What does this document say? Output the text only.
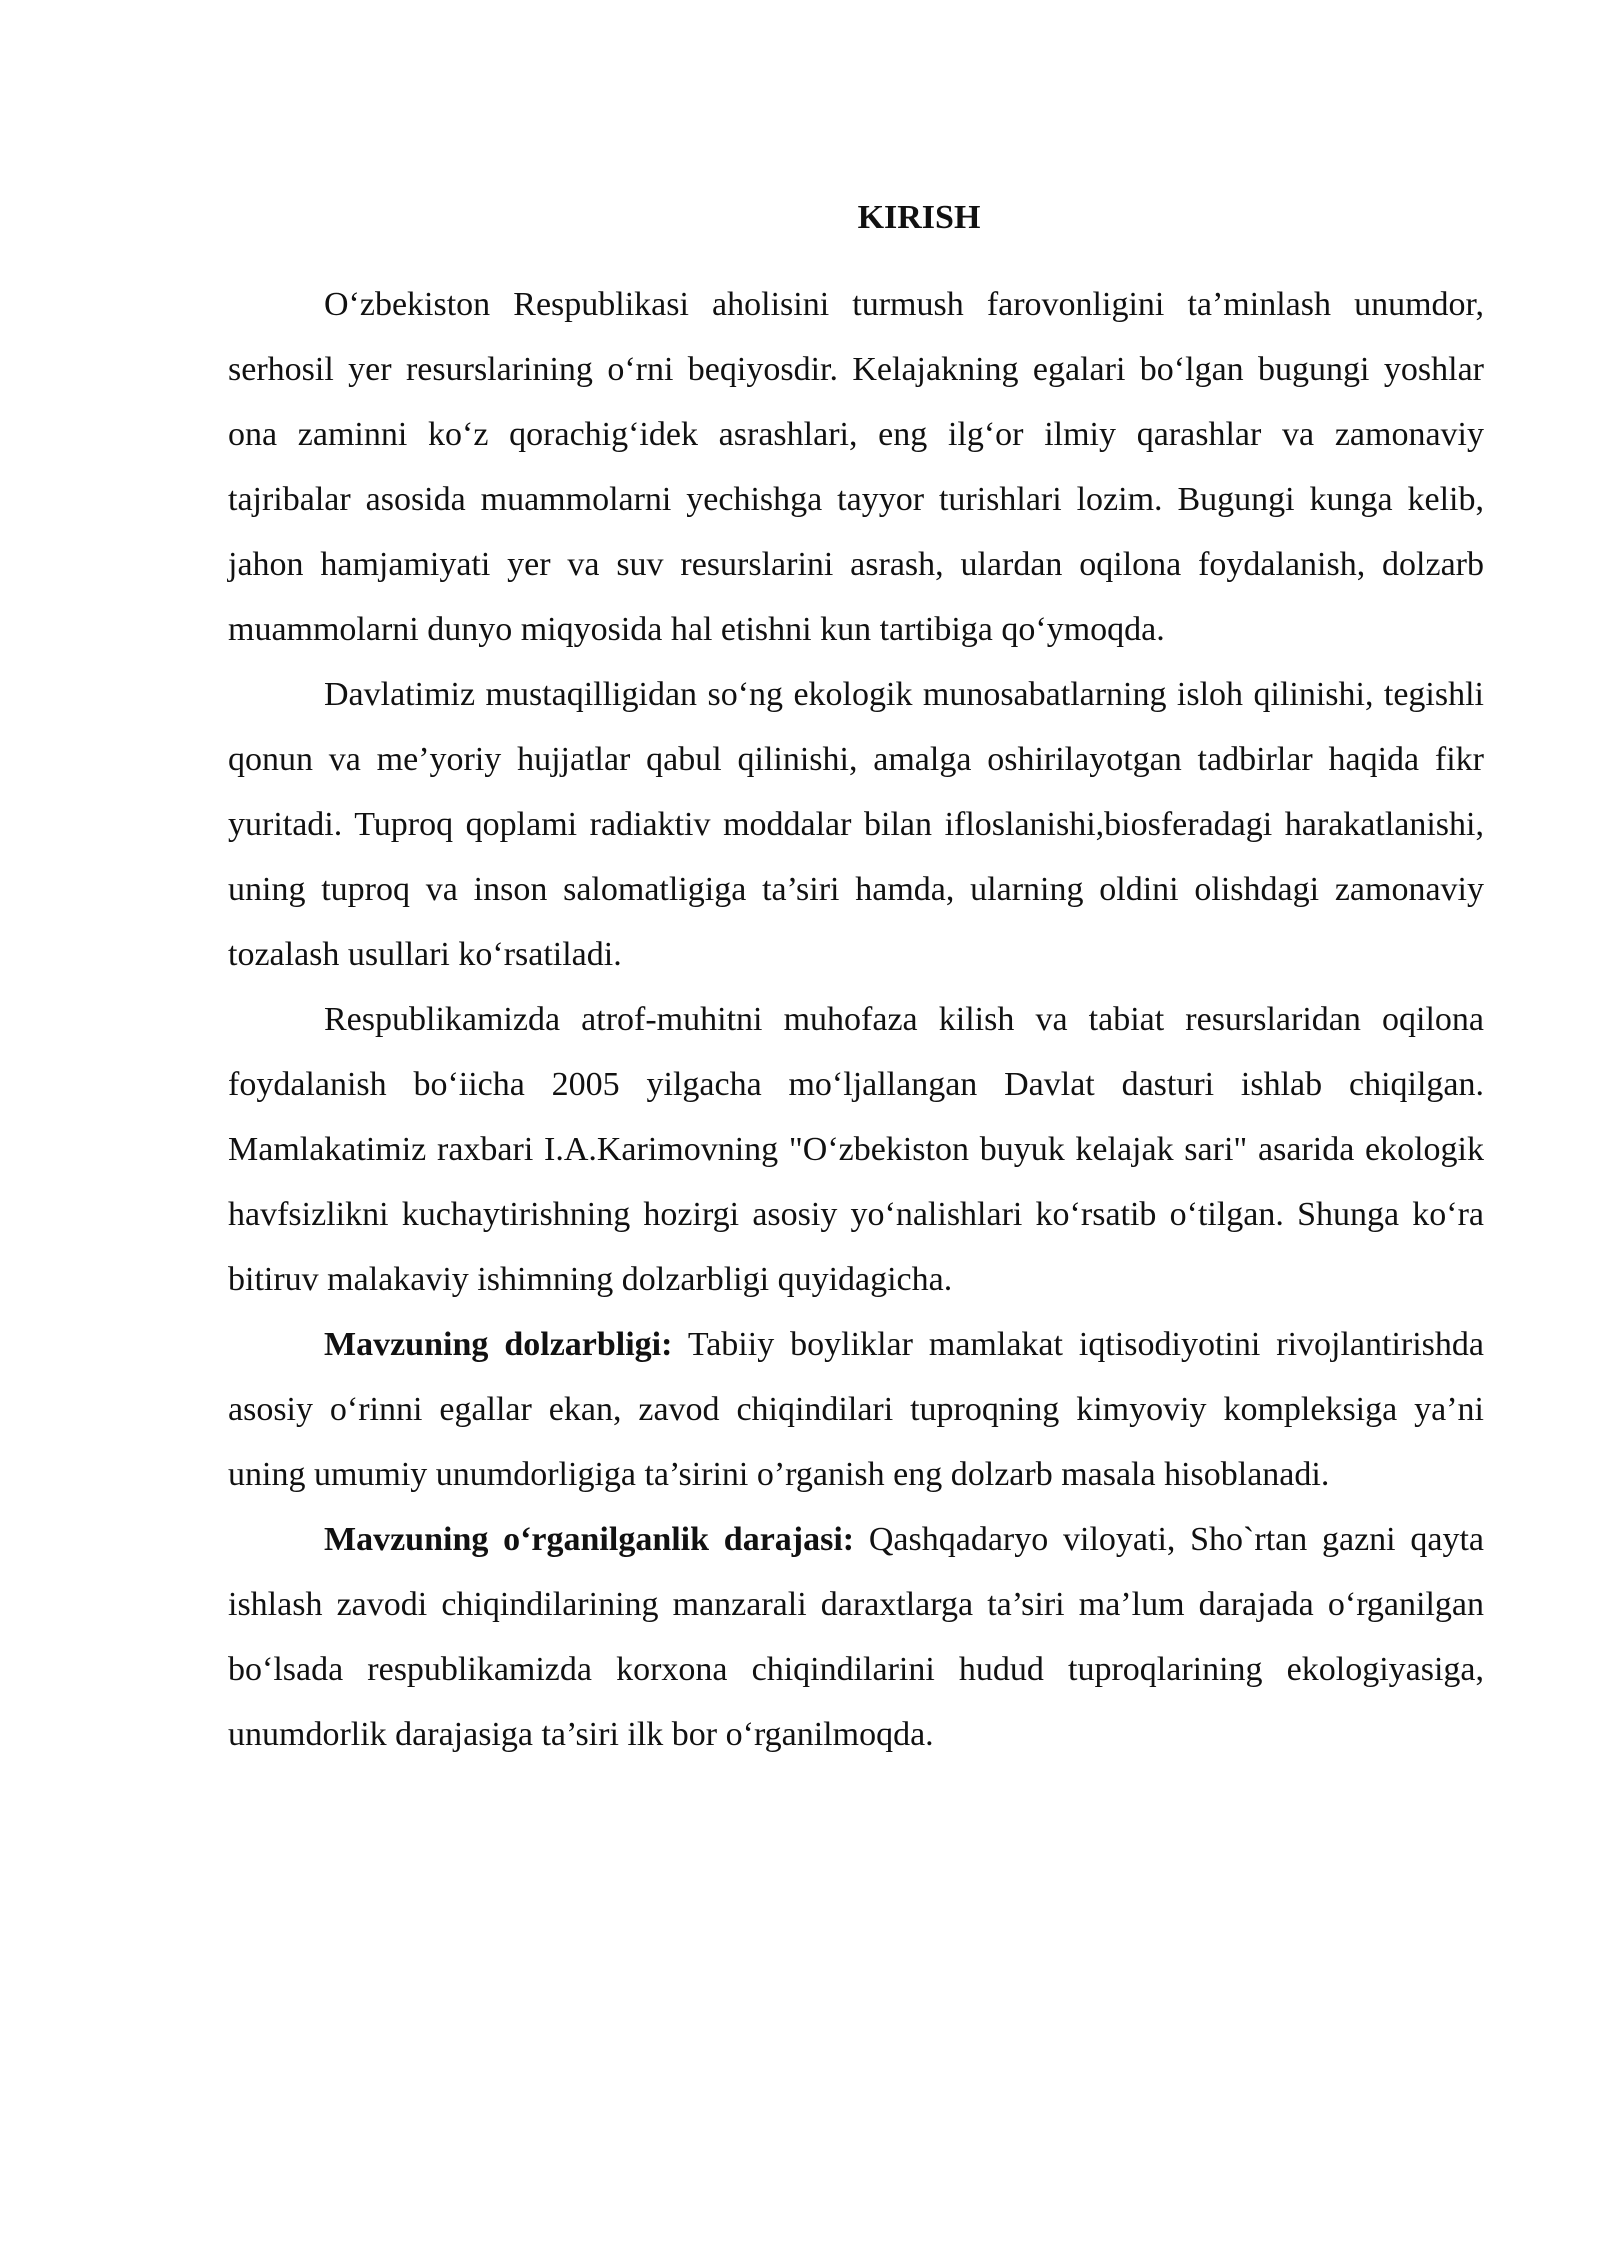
KIRISH

O‘zbekiston Respublikasi aholisini turmush farovonligini ta’minlash unumdor, serhosil yer resurslarining o‘rni beqiyosdir. Kelajakning egalari bo‘lgan bugungi yoshlar ona zaminni ko‘z qorachig‘idek asrashlari, eng ilg‘or ilmiy qarashlar va zamonaviy tajribalar asosida muammolarni yechishga tayyor turishlari lozim. Bugungi kunga kelib, jahon hamjamiyati yer va suv resurslarini asrash, ulardan oqilona foydalanish, dolzarb muammolarni dunyo miqyosida hal etishni kun tartibiga qo‘ymoqda.

Davlatimiz mustaqilligidan so‘ng ekologik munosabatlarning isloh qilinishi, tegishli qonun va me’yoriy hujjatlar qabul qilinishi, amalga oshirilayotgan tadbirlar haqida fikr yuritadi. Tuproq qoplami radiaktiv moddalar bilan ifloslanishi,biosferadagi harakatlanishi, uning tuproq va inson salomatligiga ta’siri hamda, ularning oldini olishdagi zamonaviy tozalash usullari ko‘rsatiladi.

Respublikamizda atrof-muhitni muhofaza kilish va tabiat resurslaridan oqilona foydalanish bo‘iicha 2005 yilgacha mo‘ljallangan Davlat dasturi ishlab chiqilgan. Mamlakatimiz raxbari I.A.Karimovning "O‘zbekiston buyuk kelajak sari" asarida ekologik havfsizlikni kuchaytirishning hozirgi asosiy yo‘nalishlari ko‘rsatib o‘tilgan. Shunga ko‘ra bitiruv malakaviy ishimning dolzarbligi quyidagicha.

Mavzuning dolzarbligi: Tabiiy boyliklar mamlakat iqtisodiyotini rivojlantirishda asosiy o‘rinni egallar ekan, zavod chiqindilari tuproqning kimyoviy kompleksiga ya’ni uning umumiy unumdorligiga ta’sirini o’rganish eng dolzarb masala hisoblanadi.

Mavzuning o‘rganilganlik darajasi: Qashqadaryo viloyati, Sho`rtan gazni qayta ishlash zavodi chiqindilarining manzarali daraxtlarga ta’siri ma’lum darajada o‘rganilgan bo‘lsada respublikamizda korxona chiqindilarini hudud tuproqlarining ekologiyasiga, unumdorlik darajasiga ta’siri ilk bor o‘rganilmoqda.
